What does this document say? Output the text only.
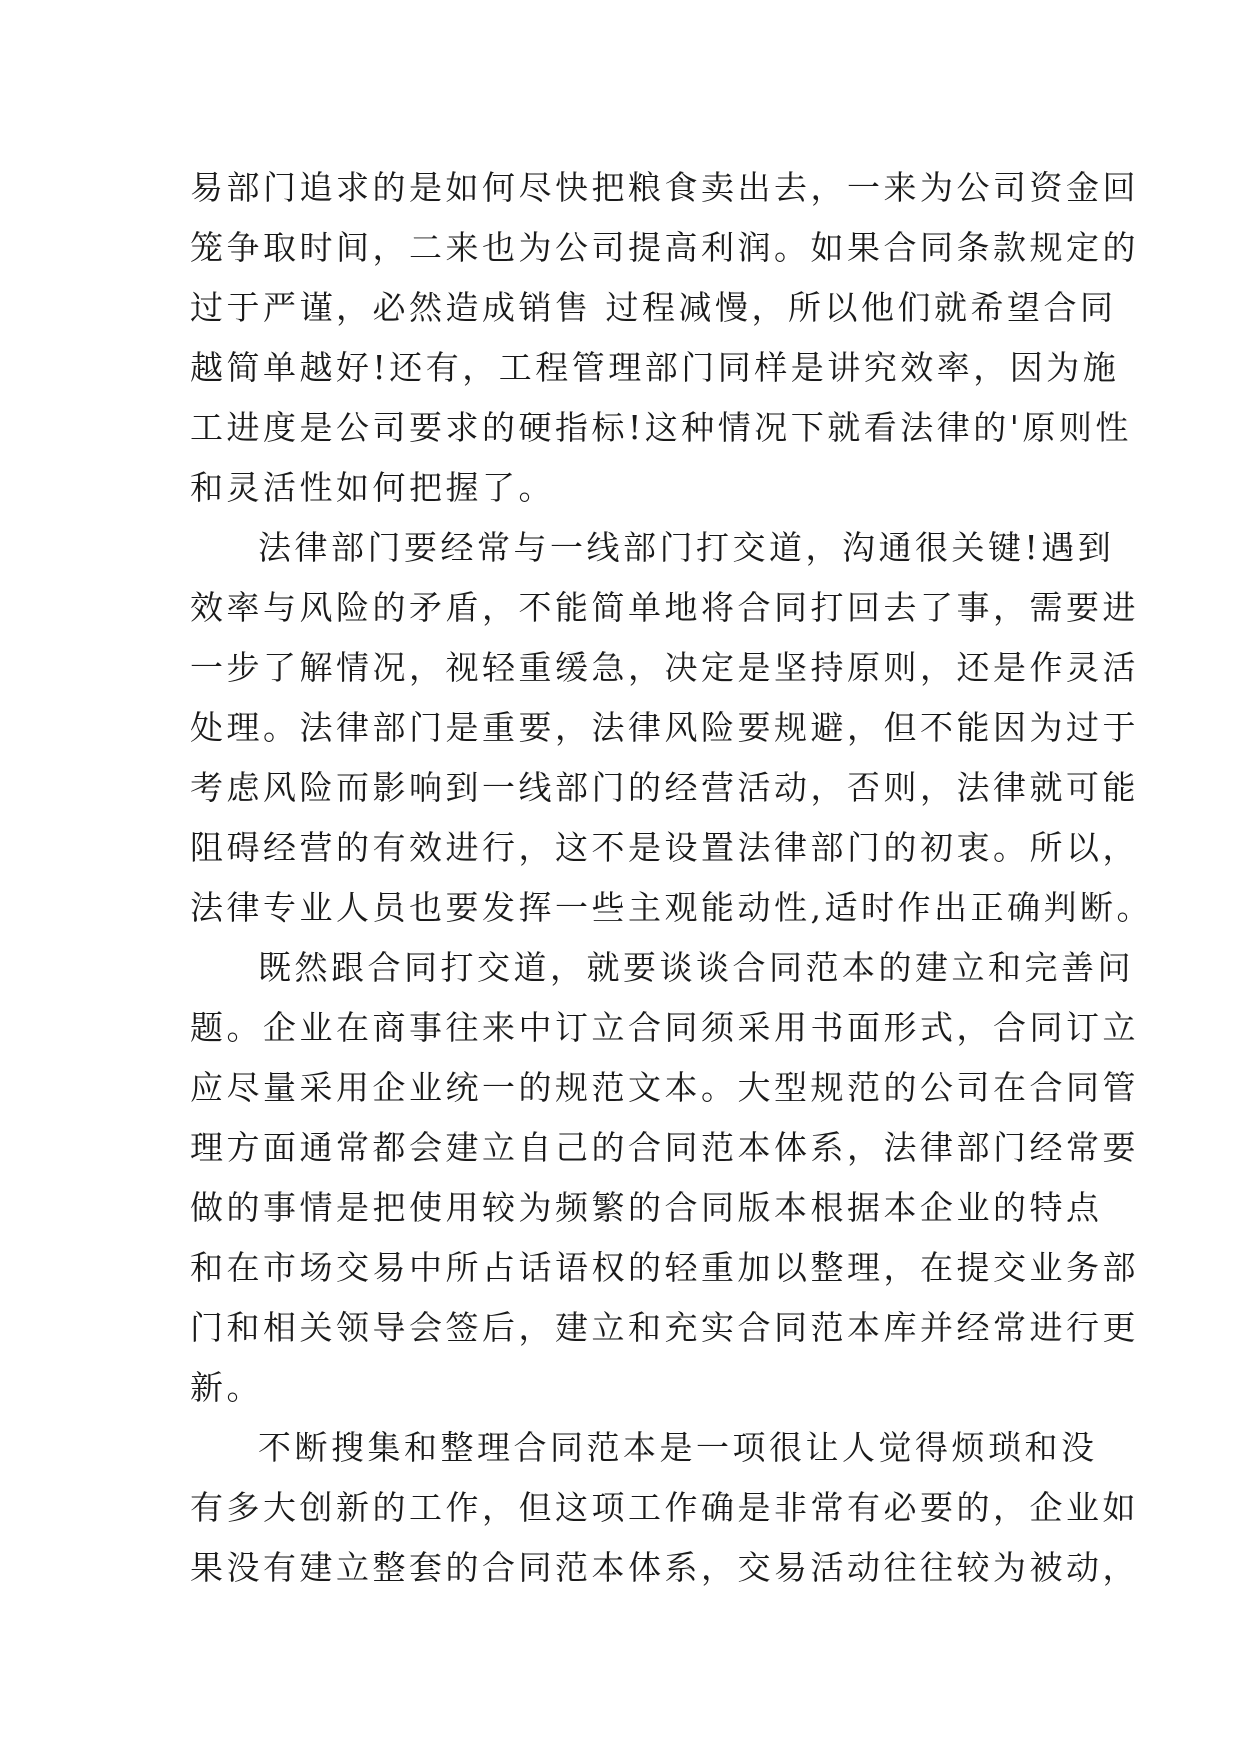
易部门追求的是如何尽快把粮食卖出去，一来为公司资金回
笼争取时间，二来也为公司提高利润。如果合同条款规定的
过于严谨，必然造成销售 过程减慢，所以他们就希望合同
越简单越好!还有，工程管理部门同样是讲究效率，因为施
工进度是公司要求的硬指标!这种情况下就看法律的'原则性
和灵活性如何把握了。
法律部门要经常与一线部门打交道，沟通很关键!遇到
效率与风险的矛盾，不能简单地将合同打回去了事，需要进
一步了解情况，视轻重缓急，决定是坚持原则，还是作灵活
处理。法律部门是重要，法律风险要规避，但不能因为过于
考虑风险而影响到一线部门的经营活动，否则，法律就可能
阻碍经营的有效进行，这不是设置法律部门的初衷。所以，
法律专业人员也要发挥一些主观能动性,适时作出正确判断。
既然跟合同打交道，就要谈谈合同范本的建立和完善问
题。企业在商事往来中订立合同须采用书面形式，合同订立
应尽量采用企业统一的规范文本。大型规范的公司在合同管
理方面通常都会建立自己的合同范本体系，法律部门经常要
做的事情是把使用较为频繁的合同版本根据本企业的特点
和在市场交易中所占话语权的轻重加以整理，在提交业务部
门和相关领导会签后，建立和充实合同范本库并经常进行更
新。
不断搜集和整理合同范本是一项很让人觉得烦琐和没
有多大创新的工作，但这项工作确是非常有必要的，企业如
果没有建立整套的合同范本体系，交易活动往往较为被动，
